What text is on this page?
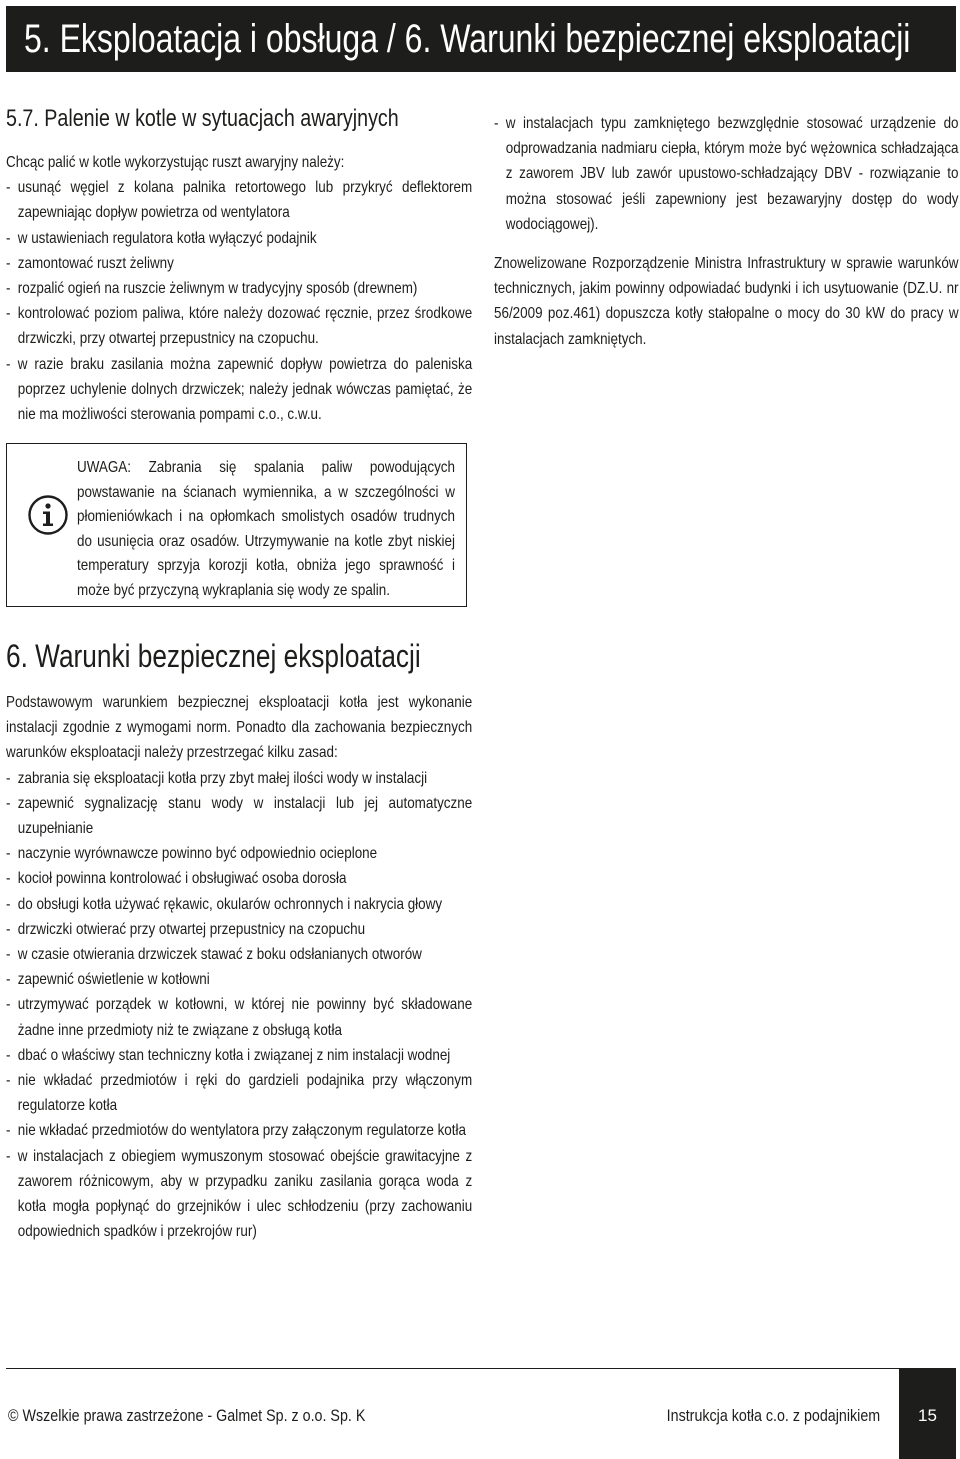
5. Eksploatacja i obsługa / 6. Warunki bezpiecznej eksploatacji
5.7. Palenie w kotle w sytuacjach awaryjnych

Chcąc palić w kotle wykorzystując ruszt awaryjny należy:

- usunąć węgiel z kolana palnika retortowego lub przykryć deflektorem zapewniając dopływ powietrza od wentylatora
- w ustawieniach regulatora kotła wyłączyć podajnik
- zamontować ruszt żeliwny
- rozpalić ogień na ruszcie żeliwnym w tradycyjny sposób (drewnem)
- kontrolować poziom paliwa, które należy dozować ręcznie, przez środkowe drzwiczki, przy otwartej przepustnicy na czopuchu.
- w razie braku zasilania można zapewnić dopływ powietrza do paleniska poprzez uchylenie dolnych drzwiczek; należy jednak wówczas pamiętać, że nie ma możliwości sterowania pompami c.o., c.w.u.
- w instalacjach typu zamkniętego bezwzględnie stosować urządzenie do odprowadzania nadmiaru ciepła, którym może być wężownica schładzająca z zaworem JBV lub zawór upustowo-schładzający DBV - rozwiązanie to można stosować jeśli zapewniony jest bezawaryjny dostęp do wody wodociągowej).

Znowelizowane Rozporządzenie Ministra Infrastruktury w sprawie warunków technicznych, jakim powinny odpowiadać budynki i ich usytuowanie (DZ.U. nr 56/2009 poz.461) dopuszcza kotły stałopalne o mocy do 30 kW do pracy w instalacjach zamkniętych.

UWAGA: Zabrania się spalania paliw powodujących powstawanie na ścianach wymiennika, a w szczególności w płomieniówkach i na opłomkach smolistych osadów trudnych do usunięcia oraz osadów. Utrzymywanie na kotle zbyt niskiej temperatury sprzyja korozji kotła, obniża jego sprawność i może być przyczyną wykraplania się wody ze spalin.
6. Warunki bezpiecznej eksploatacji

Podstawowym warunkiem bezpiecznej eksploatacji kotła jest wykonanie instalacji zgodnie z wymogami norm. Ponadto dla zachowania bezpiecznych warunków eksploatacji należy przestrzegać kilku zasad:

- zabrania się eksploatacji kotła przy zbyt małej ilości wody w instalacji
- zapewnić sygnalizację stanu wody w instalacji lub jej automatyczne uzupełnianie
- naczynie wyrównawcze powinno być odpowiednio ocieplone
- kocioł powinna kontrolować i obsługiwać osoba dorosła
- do obsługi kotła używać rękawic, okularów ochronnych i nakrycia głowy
- drzwiczki otwierać przy otwartej przepustnicy na czopuchu
- w czasie otwierania drzwiczek stawać z boku odsłanianych otworów
- zapewnić oświetlenie w kotłowni
- utrzymywać porządek w kotłowni, w której nie powinny być składowane żadne inne przedmioty niż te związane z obsługą kotła
- dbać o właściwy stan techniczny kotła i związanej z nim instalacji wodnej
- nie wkładać przedmiotów i ręki do gardzieli podajnika przy włączonym regulatorze kotła
- nie wkładać przedmiotów do wentylatora przy załączonym regulatorze kotła
- w instalacjach z obiegiem wymuszonym stosować obejście grawitacyjne z zaworem różnicowym, aby w przypadku zaniku zasilania gorąca woda z kotła mogła popłynąć do grzejników i ulec schłodzeniu (przy zachowaniu odpowiednich spadków i przekrojów rur)
© Wszelkie prawa zastrzeżone - Galmet Sp. z o.o. Sp. K	Instrukcja kotła c.o. z podajnikiem	15
